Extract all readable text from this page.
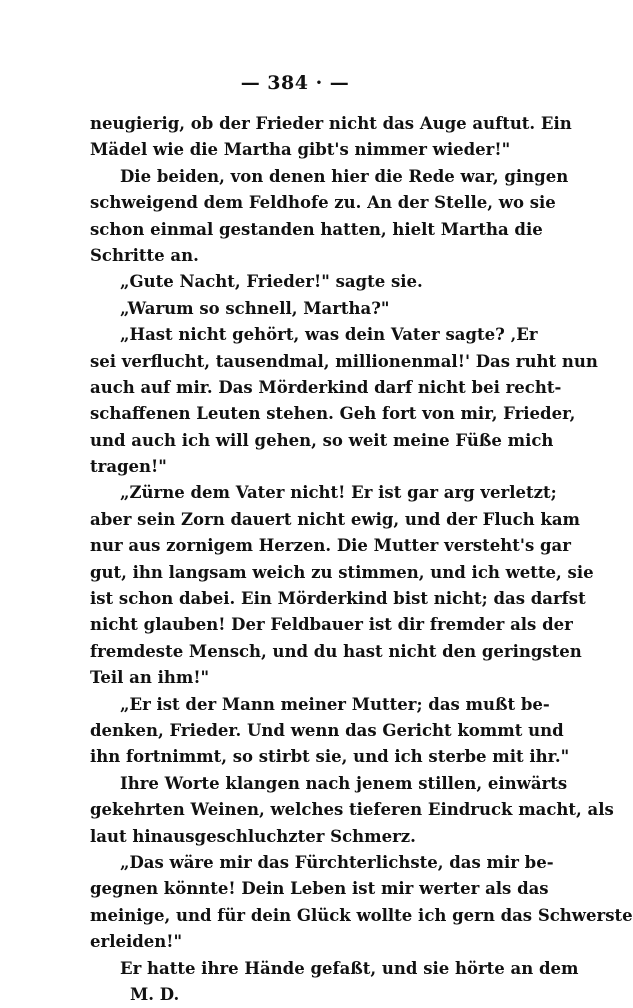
— 384 · —
neugierig, ob der Frieder nicht das Auge auftut. Ein
Mädel wie die Martha gibt's nimmer wieder!"
Die beiden, von denen hier die Rede war, gingen
schweigend dem Feldhofe zu. An der Stelle, wo sie
schon einmal gestanden hatten, hielt Martha die
Schritte an.
„Gute Nacht, Frieder!" sagte sie.
„Warum so schnell, Martha?"
„Hast nicht gehört, was dein Vater sagte? ‚Er
sei verflucht, tausendmal, millionenmal!' Das ruht nun
auch auf mir. Das Mörderkind darf nicht bei recht-
schaffenen Leuten stehen. Geh fort von mir, Frieder,
und auch ich will gehen, so weit meine Füße mich
tragen!"
„Zürne dem Vater nicht! Er ist gar arg verletzt;
aber sein Zorn dauert nicht ewig, und der Fluch kam
nur aus zornigem Herzen. Die Mutter versteht's gar
gut, ihn langsam weich zu stimmen, und ich wette, sie
ist schon dabei. Ein Mörderkind bist nicht; das darfst
nicht glauben! Der Feldbauer ist dir fremder als der
fremdeste Mensch, und du hast nicht den geringsten
Teil an ihm!"
„Er ist der Mann meiner Mutter; das mußt be-
denken, Frieder. Und wenn das Gericht kommt und
ihn fortnimmt, so stirbt sie, und ich sterbe mit ihr."
Ihre Worte klangen nach jenem stillen, einwärts
gekehrten Weinen, welches tieferen Eindruck macht, als
laut hinausgeschluchzter Schmerz.
„Das wäre mir das Fürchterlichste, das mir be-
gegnen könnte! Dein Leben ist mir werter als das
meinige, und für dein Glück wollte ich gern das Schwerste
erleiden!"
Er hatte ihre Hände gefaßt, und sie hörte an dem
M. D.
